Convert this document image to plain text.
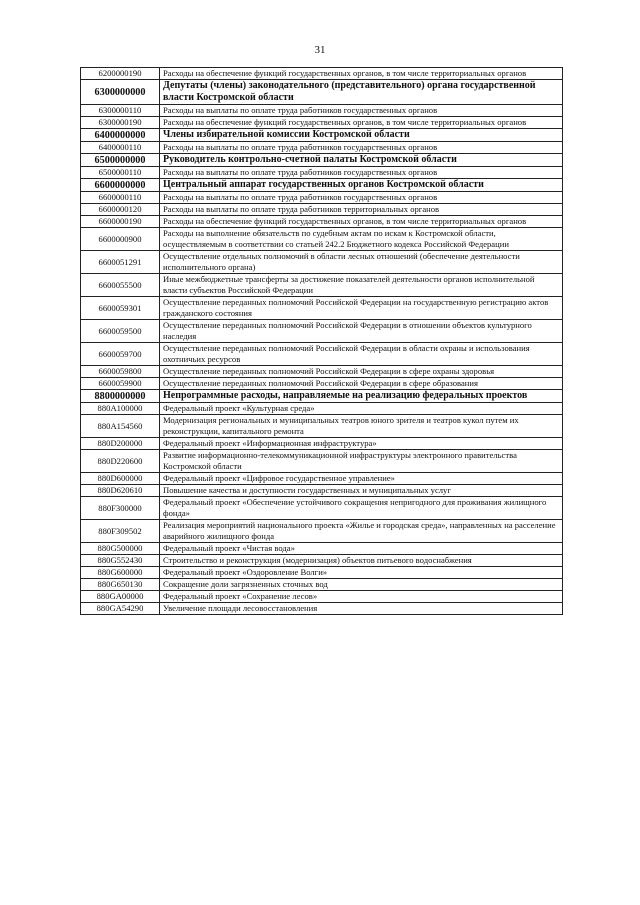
31
6200000190	Расходы на обеспечение функций государственных органов, в том числе территориальных органов
6300000000	Депутаты (члены) законодательного (представительного) органа государственной власти Костромской области
6300000110	Расходы на выплаты по оплате труда работников государственных органов
6300000190	Расходы на обеспечение функций государственных органов, в том числе территориальных органов
6400000000	Члены избирательной комиссии Костромской области
6400000110	Расходы на выплаты по оплате труда работников государственных органов
6500000000	Руководитель контрольно-счетной палаты Костромской области
6500000110	Расходы на выплаты по оплате труда работников государственных органов
6600000000	Центральный аппарат государственных органов Костромской области
6600000110	Расходы на выплаты по оплате труда работников государственных органов
6600000120	Расходы на выплаты по оплате труда работников территориальных органов
6600000190	Расходы на обеспечение функций государственных органов, в том числе территориальных органов
6600000900	Расходы на выполнение обязательств по судебным актам по искам к Костромской области, осуществляемым в соответствии со статьей 242.2 Бюджетного кодекса Российской Федерации
6600051291	Осуществление отдельных полномочий в области лесных отношений (обеспечение деятельности исполнительного органа)
6600055500	Иные межбюджетные трансферты за достижение показателей деятельности органов исполнительной власти субъектов Российской Федерации
6600059301	Осуществление переданных полномочий Российской Федерации на государственную регистрацию актов гражданского состояния
6600059500	Осуществление переданных полномочий Российской Федерации в отношении объектов культурного наследия
6600059700	Осуществление переданных полномочий Российской Федерации в области охраны и использования охотничьих ресурсов
6600059800	Осуществление переданных полномочий Российской Федерации в сфере охраны здоровья
6600059900	Осуществление переданных полномочий Российской Федерации в сфере образования
8800000000	Непрограммные расходы, направляемые на реализацию федеральных проектов
880A100000	Федеральный проект «Культурная среда»
880A154560	Модернизация региональных и муниципальных театров юного зрителя и театров кукол путем их реконструкции, капитального ремонта
880D200000	Федеральный проект «Информационная инфраструктура»
880D220600	Развитие информационно-телекоммуникационной инфраструктуры электронного правительства Костромской области
880D600000	Федеральный проект «Цифровое государственное управление»
880D620610	Повышение качества и доступности государственных и муниципальных услуг
880F300000	Федеральный проект «Обеспечение устойчивого сокращения непригодного для проживания жилищного фонда»
880F309502	Реализация мероприятий национального проекта «Жилье и городская среда», направленных на расселение аварийного жилищного фонда
880G500000	Федеральный проект «Чистая вода»
880G552430	Строительство и реконструкция (модернизация) объектов питьевого водоснабжения
880G600000	Федеральный проект «Оздоровление Волги»
880G650130	Сокращение доли загрязненных сточных вод
880GA00000	Федеральный проект «Сохранение лесов»
880GA54290	Увеличение площади лесовосстановления
